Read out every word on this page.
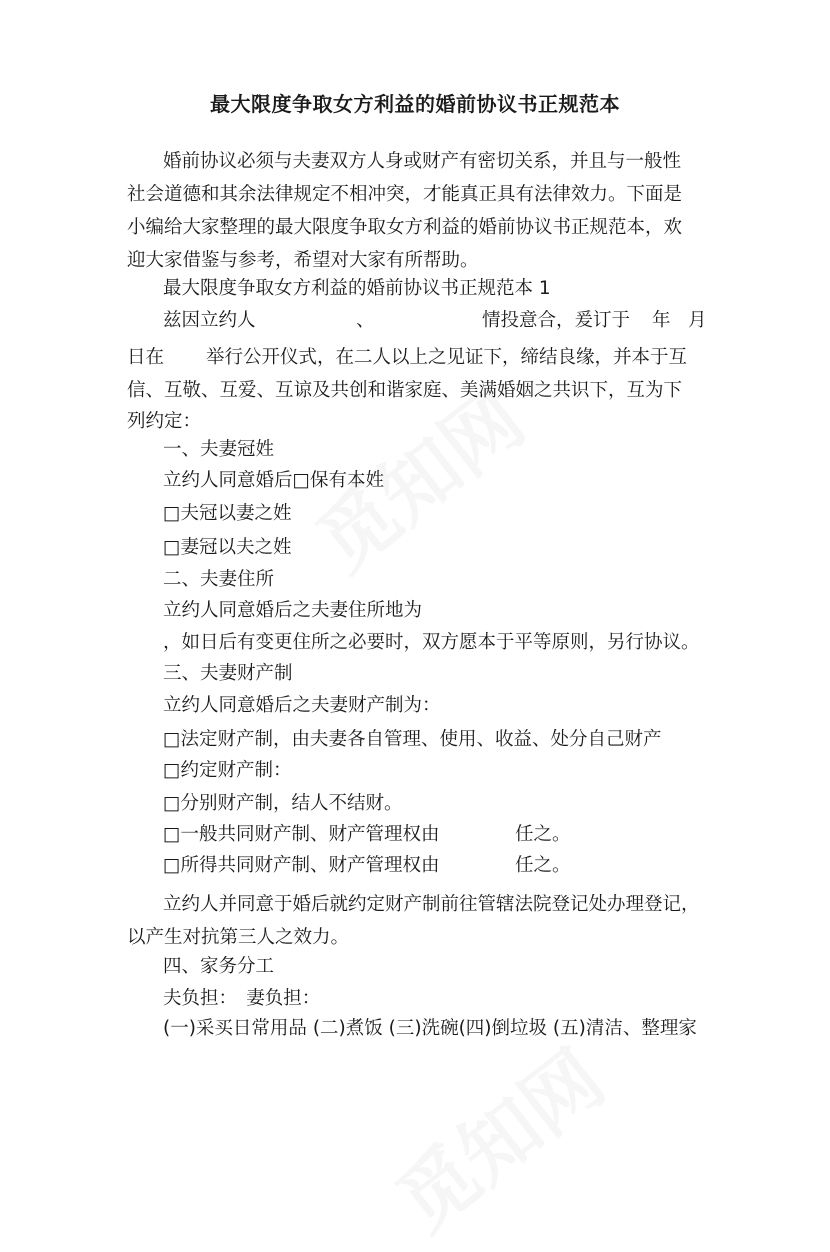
最大限度争取女方利益的婚前协议书正规范本
婚前协议必须与夫妻双方人身或财产有密切关系，并且与一般性
社会道德和其余法律规定不相冲突，才能真正具有法律效力。下面是
小编给大家整理的最大限度争取女方利益的婚前协议书正规范本，欢
迎大家借鉴与参考，希望对大家有所帮助。
最大限度争取女方利益的婚前协议书正规范本 1
兹因立约人	、	情投意合，爰订于 年 月
日在 举行公开仪式，在二人以上之见证下，缔结良缘，并本于互
信、互敬、互爱、互谅及共创和谐家庭、美满婚姻之共识下，互为下
列约定：
一、夫妻冠姓
立约人同意婚后□保有本姓
□夫冠以妻之姓
□妻冠以夫之姓
二、夫妻住所
立约人同意婚后之夫妻住所地为
，如日后有变更住所之必要时，双方愿本于平等原则，另行协议。
三、夫妻财产制
立约人同意婚后之夫妻财产制为：
□法定财产制，由夫妻各自管理、使用、收益、处分自己财产
□约定财产制：
□分别财产制，结人不结财。
□一般共同财产制、财产管理权由	任之。
□所得共同财产制、财产管理权由	任之。
立约人并同意于婚后就约定财产制前往管辖法院登记处办理登记，
以产生对抗第三人之效力。
四、家务分工
夫负担：　妻负担：
(一)采买日常用品 (二)煮饭 (三)洗碗(四)倒垃圾 (五)清洁、整理家
